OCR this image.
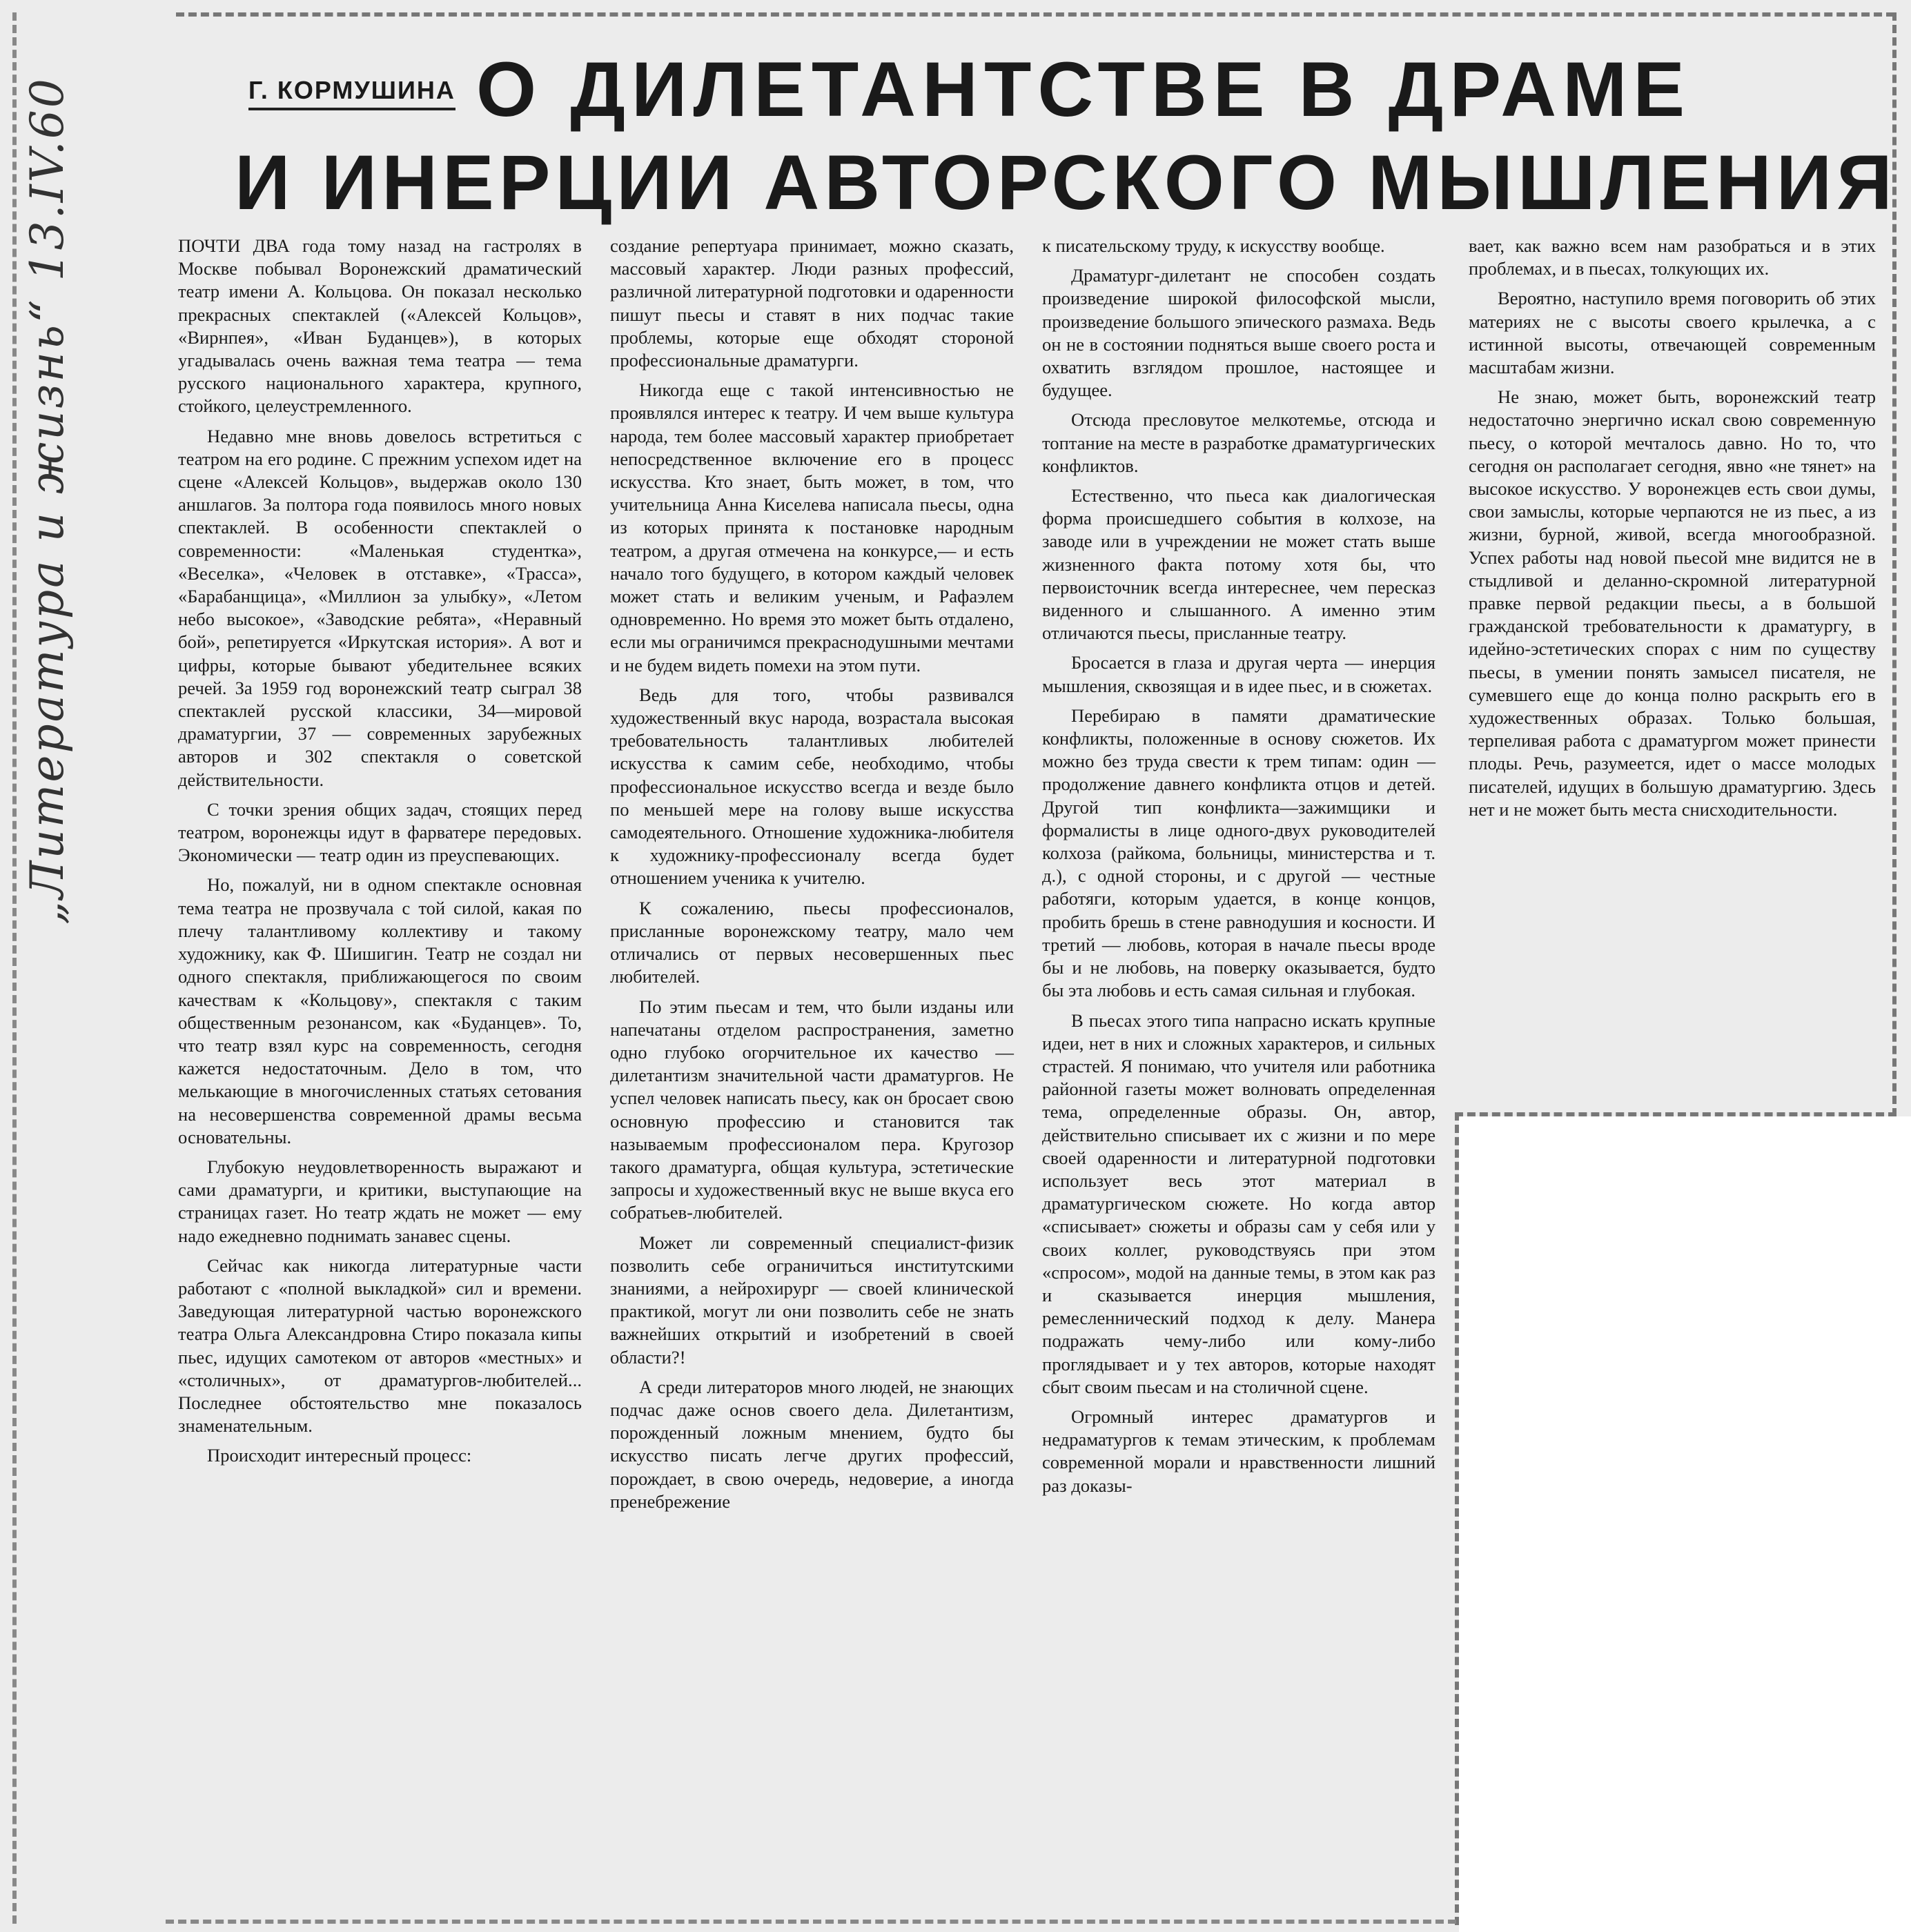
Г. КОРМУШИНА О ДИЛЕТАНТСТВЕ В ДРАМЕ
И ИНЕРЦИИ АВТОРСКОГО МЫШЛЕНИЯ
„Литература и жизнь“ 13.IV.60	ПОЧТИ ДВА года тому назад на гастролях в Москве побывал Воронежский драматический театр имени А. Кольцова. Он показал несколько прекрасных спектаклей («Алексей Кольцов», «Вирнпея», «Иван Буданцев»), в которых угадывалась очень важная тема театра — тема русского национального характера, крупного, стойкого, целеустремленного.

Недавно мне вновь довелось встретиться с театром на его родине. С прежним успехом идет на сцене «Алексей Кольцов», выдержав около 130 аншлагов. За полтора года появилось много новых спектаклей. В особенности спектаклей о современности: «Маленькая студентка», «Веселка», «Человек в отставке», «Трасса», «Барабанщица», «Миллион за улыбку», «Летом небо высокое», «Заводские ребята», «Неравный бой», репетируется «Иркутская история». А вот и цифры, которые бывают убедительнее всяких речей. За 1959 год воронежский театр сыграл 38 спектаклей русской классики, 34—мировой драматургии, 37 — современных зарубежных авторов и 302 спектакля о советской действительности.

С точки зрения общих задач, стоящих перед театром, воронежцы идут в фарватере передовых. Экономически — театр один из преуспевающих.

Но, пожалуй, ни в одном спектакле основная тема театра не прозвучала с той силой, какая по плечу талантливому коллективу и такому художнику, как Ф. Шишигин. Театр не создал ни одного спектакля, приближающегося по своим качествам к «Кольцову», спектакля с таким общественным резонансом, как «Буданцев». То, что театр взял курс на современность, сегодня кажется недостаточным. Дело в том, что мелькающие в многочисленных статьях сетования на несовершенства современной драмы весьма основательны.

Глубокую неудовлетворенность выражают и сами драматурги, и критики, выступающие на страницах газет. Но театр ждать не может — ему надо ежедневно поднимать занавес сцены.

Сейчас как никогда литературные части работают с «полной выкладкой» сил и времени. Заведующая литературной частью воронежского театра Ольга Александровна Стиро показала кипы пьес, идущих самотеком от авторов «местных» и «столичных», от драматургов-любителей... Последнее обстоятельство мне показалось знаменательным.

Происходит интересный процесс:

создание репертуара принимает, можно сказать, массовый характер. Люди разных профессий, различной литературной подготовки и одаренности пишут пьесы и ставят в них подчас такие проблемы, которые еще обходят стороной профессиональные драматурги.

Никогда еще с такой интенсивностью не проявлялся интерес к театру. И чем выше культура народа, тем более массовый характер приобретает непосредственное включение его в процесс искусства. Кто знает, быть может, в том, что учительница Анна Киселева написала пьесы, одна из которых принята к постановке народным театром, а другая отмечена на конкурсе,— и есть начало того будущего, в котором каждый человек может стать и великим ученым, и Рафаэлем одновременно. Но время это может быть отдалено, если мы ограничимся прекраснодушными мечтами и не будем видеть помехи на этом пути.

Ведь для того, чтобы развивался художественный вкус народа, возрастала высокая требовательность талантливых любителей искусства к самим себе, необходимо, чтобы профессиональное искусство всегда и везде было по меньшей мере на голову выше искусства самодеятельного. Отношение художника-любителя к художнику-профессионалу всегда будет отношением ученика к учителю.

К сожалению, пьесы профессионалов, присланные воронежскому театру, мало чем отличались от первых несовершенных пьес любителей.

По этим пьесам и тем, что были изданы или напечатаны отделом распространения, заметно одно глубоко огорчительное их качество — дилетантизм значительной части драматургов. Не успел человек написать пьесу, как он бросает свою основную профессию и становится так называемым профессионалом пера. Кругозор такого драматурга, общая культура, эстетические запросы и художественный вкус не выше вкуса его собратьев-любителей.

Может ли современный специалист-физик позволить себе ограничиться институтскими знаниями, а нейрохирург — своей клинической практикой, могут ли они позволить себе не знать важнейших открытий и изобретений в своей области?!

А среди литераторов много людей, не знающих подчас даже основ своего дела. Дилетантизм, порожденный ложным мнением, будто бы искусство писать легче других профессий, порождает, в свою очередь, недоверие, а иногда пренебрежение

к писательскому труду, к искусству вообще.

Драматург-дилетант не способен создать произведение широкой философской мысли, произведение большого эпического размаха. Ведь он не в состоянии подняться выше своего роста и охватить взглядом прошлое, настоящее и будущее.

Отсюда пресловутое мелкотемье, отсюда и топтание на месте в разработке драматургических конфликтов.

Естественно, что пьеса как диалогическая форма происшедшего события в колхозе, на заводе или в учреждении не может стать выше жизненного факта потому хотя бы, что первоисточник всегда интереснее, чем пересказ виденного и слышанного. А именно этим отличаются пьесы, присланные театру.

Бросается в глаза и другая черта — инерция мышления, сквозящая и в идее пьес, и в сюжетах.

Перебираю в памяти драматические конфликты, положенные в основу сюжетов. Их можно без труда свести к трем типам: один — продолжение давнего конфликта отцов и детей. Другой тип конфликта—зажимщики и формалисты в лице одного-двух руководителей колхоза (райкома, больницы, министерства и т. д.), с одной стороны, и с другой — честные работяги, которым удается, в конце концов, пробить брешь в стене равнодушия и косности. И третий — любовь, которая в начале пьесы вроде бы и не любовь, на поверку оказывается, будто бы эта любовь и есть самая сильная и глубокая.

В пьесах этого типа напрасно искать крупные идеи, нет в них и сложных характеров, и сильных страстей. Я понимаю, что учителя или работника районной газеты может волновать определенная тема, определенные образы. Он, автор, действительно списывает их с жизни и по мере своей одаренности и литературной подготовки использует весь этот материал в драматургическом сюжете. Но когда автор «списывает» сюжеты и образы сам у себя или у своих коллег, руководствуясь при этом «спросом», модой на данные темы, в этом как раз и сказывается инерция мышления, ремесленнический подход к делу. Манера подражать чему-либо или кому-либо проглядывает и у тех авторов, которые находят сбыт своим пьесам и на столичной сцене.

Огромный интерес драматургов и недраматургов к темам этическим, к проблемам современной морали и нравственности лишний раз доказы-

вает, как важно всем нам разобраться и в этих проблемах, и в пьесах, толкующих их.

Вероятно, наступило время поговорить об этих материях не с высоты своего крылечка, а с истинной высоты, отвечающей современным масштабам жизни.

Не знаю, может быть, воронежский театр недостаточно энергично искал свою современную пьесу, о которой мечталось давно. Но то, что сегодня он располагает сегодня, явно «не тянет» на высокое искусство. У воронежцев есть свои думы, свои замыслы, которые черпаются не из пьес, а из жизни, бурной, живой, всегда многообразной. Успех работы над новой пьесой мне видится не в стыдливой и деланно-скромной литературной правке первой редакции пьесы, а в большой гражданской требовательности к драматургу, в идейно-эстетических спорах с ним по существу пьесы, в умении понять замысел писателя, не сумевшего еще до конца полно раскрыть его в художественных образах. Только большая, терпеливая работа с драматургом может принести плоды. Речь, разумеется, идет о массе молодых писателей, идущих в большую драматургию. Здесь нет и не может быть места снисходительности.
